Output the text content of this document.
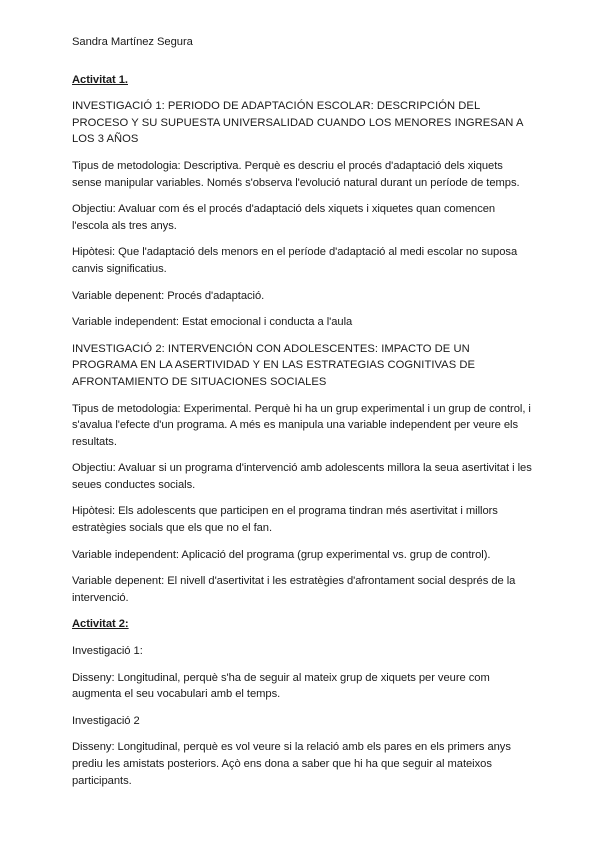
Sandra Martínez Segura

Activitat 1.

INVESTIGACIÓ 1: PERIODO DE ADAPTACIÓN ESCOLAR: DESCRIPCIÓN DEL PROCESO Y SU SUPUESTA UNIVERSALIDAD CUANDO LOS MENORES INGRESAN A LOS 3 AÑOS

Tipus de metodologia: Descriptiva. Perquè es descriu el procés d'adaptació dels xiquets sense manipular variables. Només s'observa l'evolució natural durant un període de temps.

Objectiu: Avaluar com és el procés d'adaptació dels xiquets i xiquetes quan comencen l'escola als tres anys.

Hipòtesi: Que l'adaptació dels menors en el període d'adaptació al medi escolar no suposa canvis significatius.

Variable depenent: Procés d'adaptació.

Variable independent: Estat emocional i conducta a l'aula

INVESTIGACIÓ 2: INTERVENCIÓN CON ADOLESCENTES: IMPACTO DE UN PROGRAMA EN LA ASERTIVIDAD Y EN LAS ESTRATEGIAS COGNITIVAS DE AFRONTAMIENTO DE SITUACIONES SOCIALES

Tipus de metodologia: Experimental. Perquè hi ha un grup experimental i un grup de control, i s'avalua l'efecte d'un programa. A més es manipula una variable independent per veure els resultats.

Objectiu: Avaluar si un programa d'intervenció amb adolescents millora la seua asertivitat i les seues conductes socials.

Hipòtesi: Els adolescents que participen en el programa tindran més asertivitat i millors estratègies socials que els que no el fan.

Variable independent: Aplicació del programa (grup experimental vs. grup de control).

Variable depenent: El nivell d'asertivitat i les estratègies d'afrontament social després de la intervenció.

Activitat 2:

Investigació 1:

Disseny: Longitudinal, perquè s'ha de seguir al mateix grup de xiquets per veure com augmenta el seu vocabulari amb el temps.

Investigació 2

Disseny: Longitudinal, perquè es vol veure si la relació amb els pares en els primers anys prediu les amistats posteriors. Açò ens dona a saber que hi ha que seguir al mateixos participants.
